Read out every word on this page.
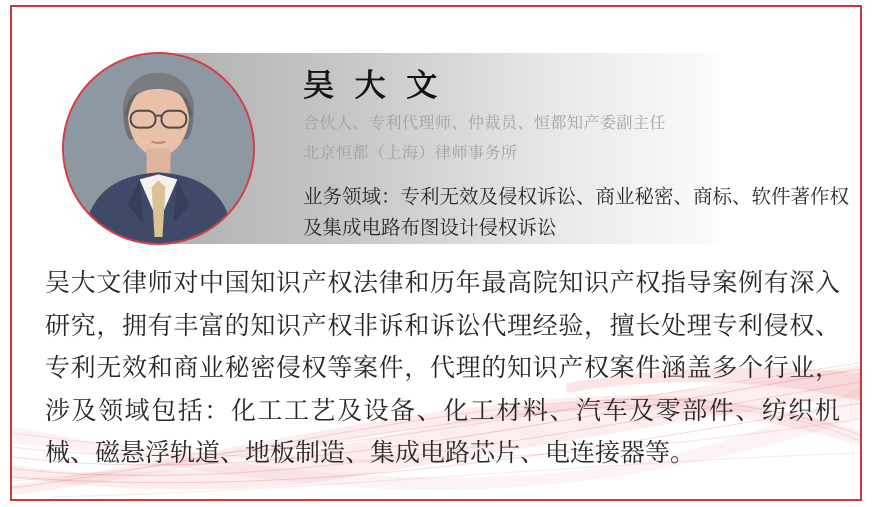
吴 大 文
合伙人、专利代理师、仲裁员、恒都知产委副主任
北京恒都（上海）律师事务所
业务领域：专利无效及侵权诉讼、商业秘密、商标、软件著作权及集成电路布图设计侵权诉讼

吴大文律师对中国知识产权法律和历年最高院知识产权指导案例有深入研究，拥有丰富的知识产权非诉和诉讼代理经验，擅长处理专利侵权、专利无效和商业秘密侵权等案件，代理的知识产权案件涵盖多个行业，涉及领域包括：化工工艺及设备、化工材料、汽车及零部件、纺织机械、磁悬浮轨道、地板制造、集成电路芯片、电连接器等。
